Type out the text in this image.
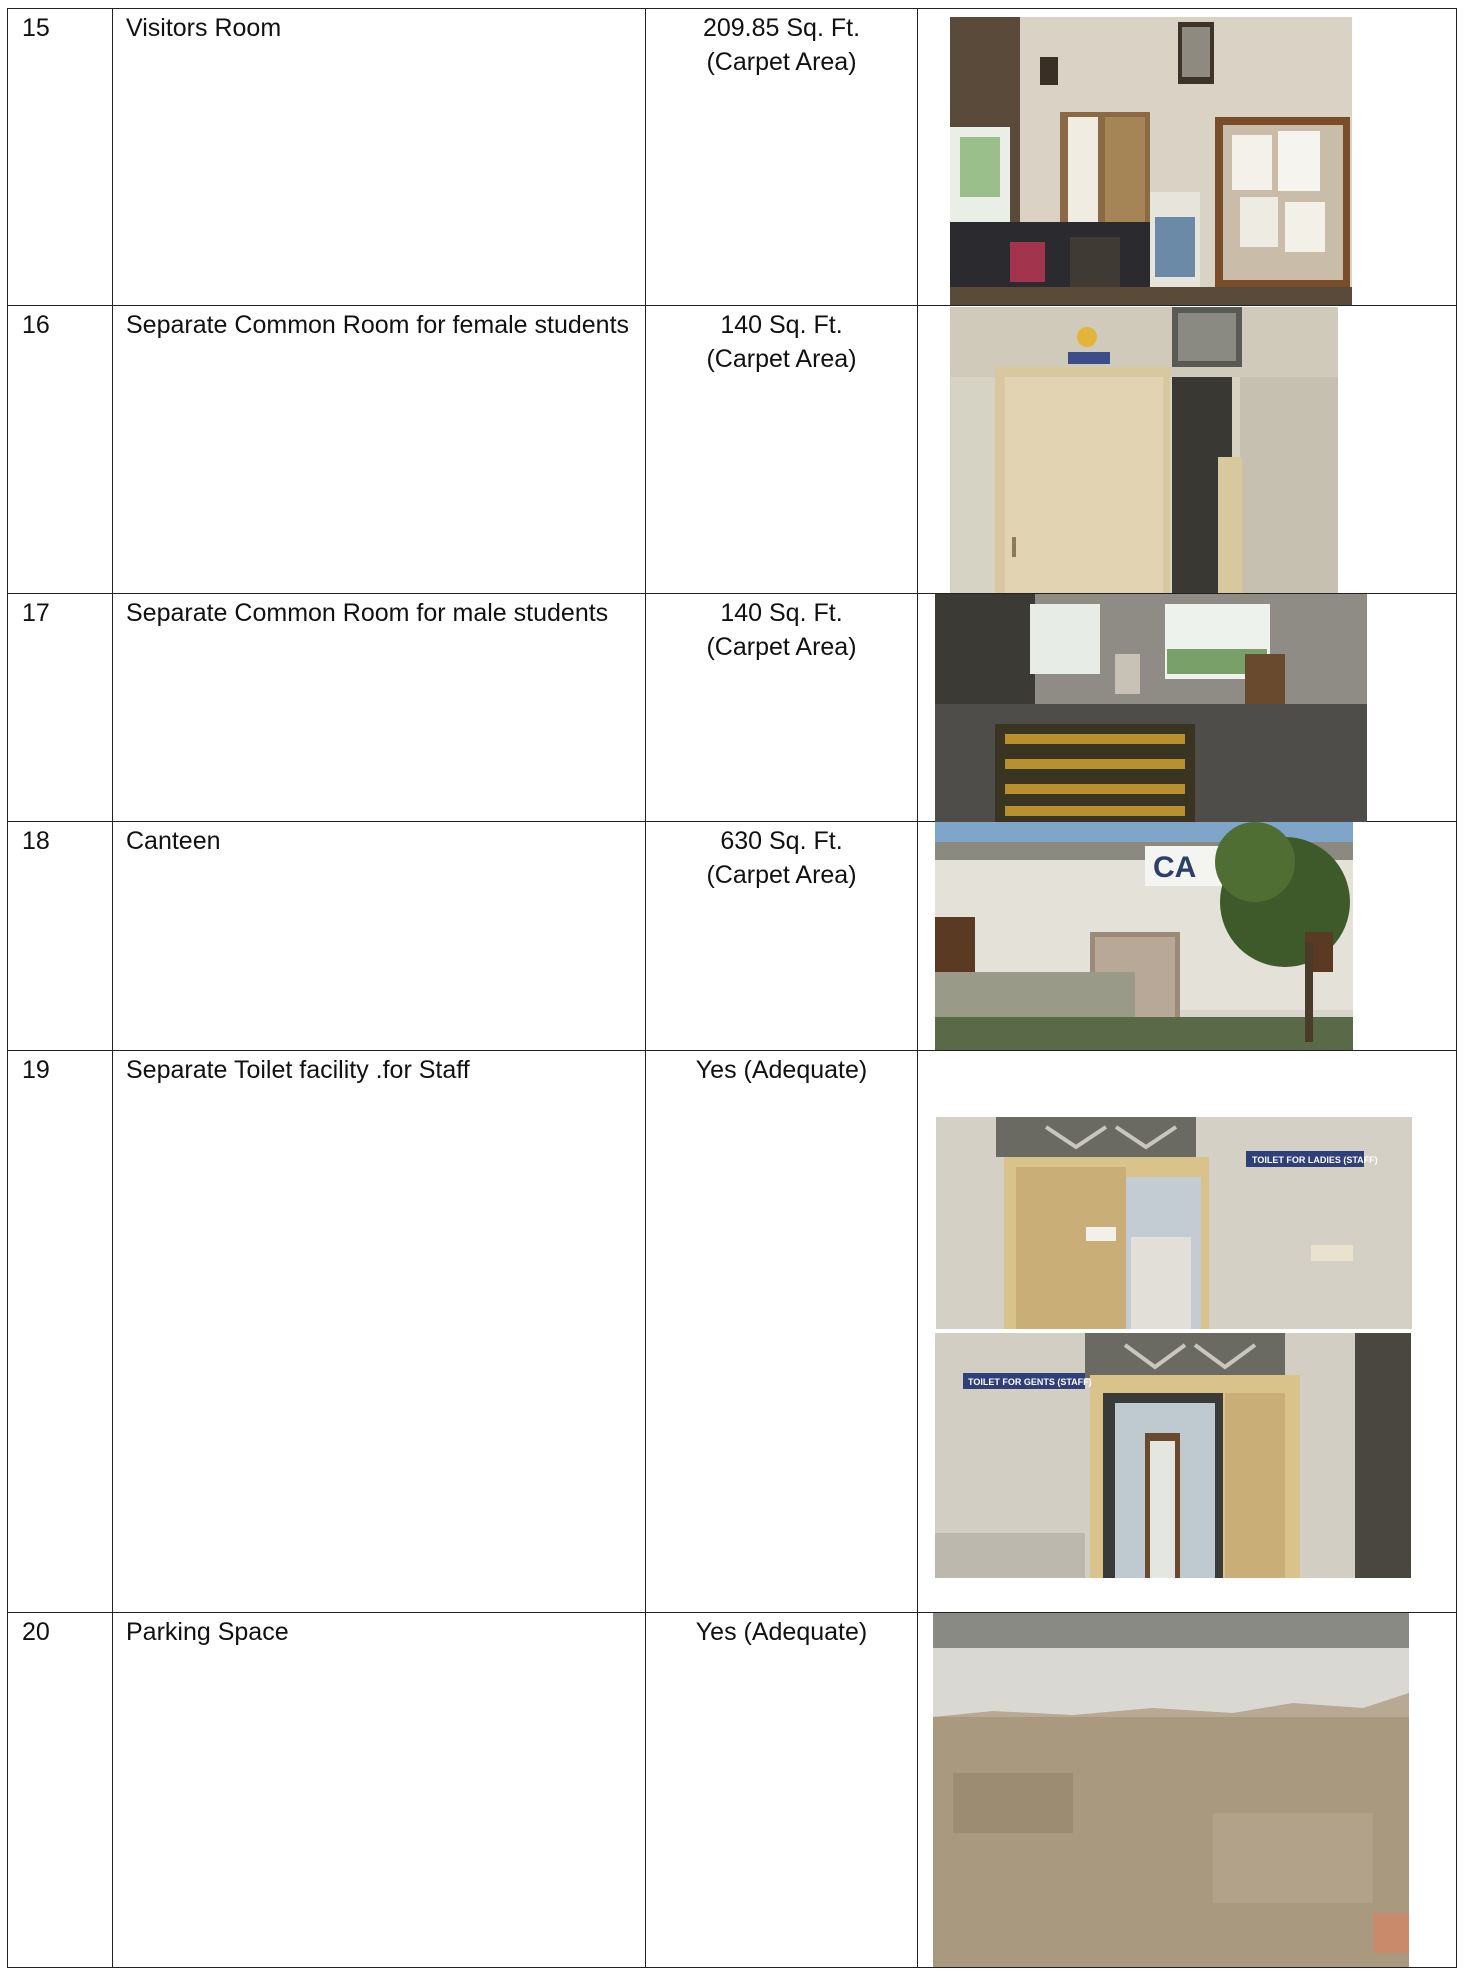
15	Visitors Room	209.85 Sq. Ft.
(Carpet Area)

16	Separate Common Room for female students	140 Sq. Ft.
(Carpet Area)

17	Separate Common Room for male students	140 Sq. Ft.
(Carpet Area)

18	Canteen	630 Sq. Ft.
(Carpet Area)	CA

19	Separate Toilet facility .for Staff	Yes (Adequate)	TOILET FOR LADIES (STAFF)
TOILET FOR GENTS (STAFF)

20	Parking Space	Yes (Adequate)
